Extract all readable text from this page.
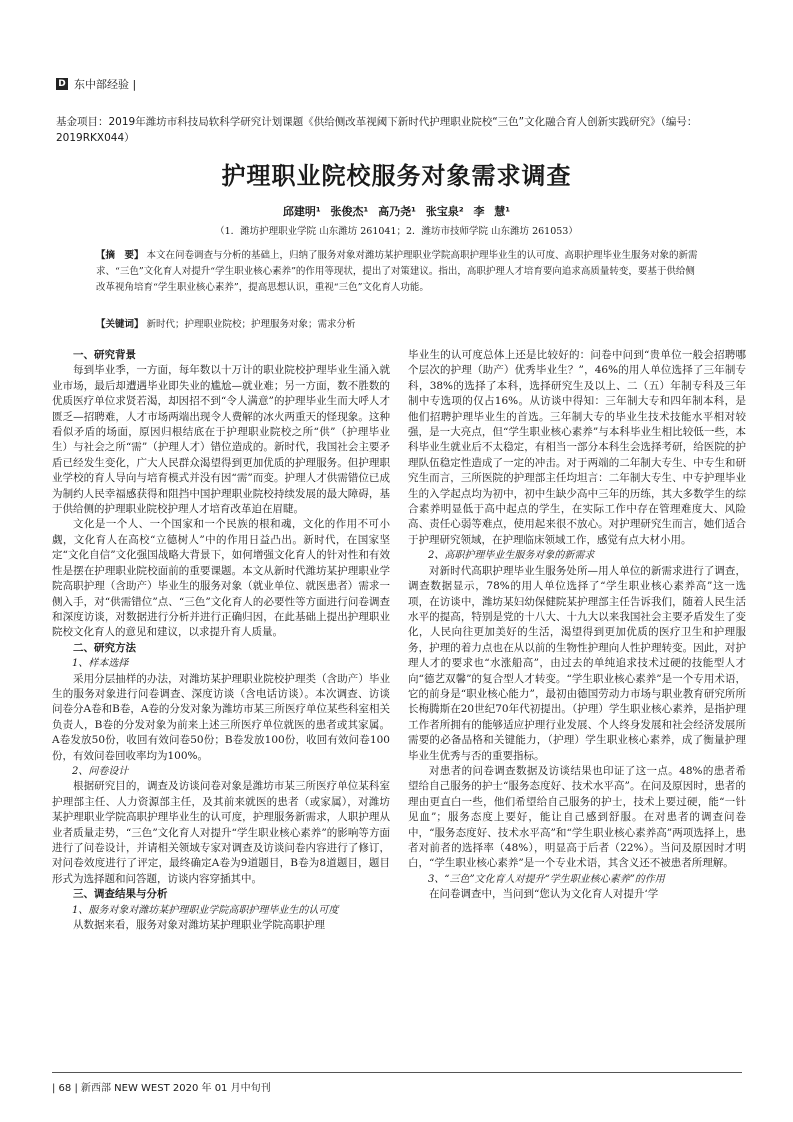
D 东中部经验 |
基金项目：2019年潍坊市科技局软科学研究计划课题《供给侧改革视阈下新时代护理职业院校“三色”文化融合育人创新实践研究》（编号：2019RKX044）
护理职业院校服务对象需求调查
邱建明¹ 张俊杰¹ 高乃尧¹ 张宝泉² 李 慧¹
（1．潍坊护理职业学院 山东潍坊 261041；2．潍坊市技师学院 山东潍坊 261053）
【摘　要】 本文在问卷调查与分析的基础上，归纳了服务对象对潍坊某护理职业学院高职护理毕业生的认可度、高职护理毕业生服务对象的新需求、“三色”文化育人对提升“学生职业核心素养”的作用等现状，提出了对策建议。指出，高职护理人才培育要向追求高质量转变，要基于供给侧改革视角培育“学生职业核心素养”，提高思想认识，重视“三色”文化育人功能。
【关键词】 新时代；护理职业院校；护理服务对象；需求分析
一、研究背景

每到毕业季，一方面，每年数以十万计的职业院校护理毕业生涌入就业市场，最后却遭遇毕业即失业的尴尬—就业难；另一方面，数不胜数的优质医疗单位求贤若渴，却因招不到“令人满意”的护理毕业生而大呼人才匮乏—招聘难，人才市场两端出现令人费解的冰火两重天的怪现象。这种看似矛盾的场面，原因归根结底在于护理职业院校之所“供”（护理毕业生）与社会之所“需”（护理人才）错位造成的。新时代，我国社会主要矛盾已经发生变化，广大人民群众渴望得到更加优质的护理服务。但护理职业学校的育人导向与培育模式并没有因“需”而变。护理人才供需错位已成为制约人民幸福感获得和阻挡中国护理职业院校持续发展的最大障碍，基于供给侧的护理职业院校护理人才培育改革迫在眉睫。

文化是一个人、一个国家和一个民族的根和魂，文化的作用不可小觑，文化育人在高校“立德树人”中的作用日益凸出。新时代，在国家坚定“文化自信”文化强国战略大背景下，如何增强文化育人的针对性和有效性是摆在护理职业院校面前的重要课题。本文从新时代潍坊某护理职业学院高职护理（含助产）毕业生的服务对象（就业单位、就医患者）需求一侧入手，对“供需错位”点、“三色”文化育人的必要性等方面进行问卷调查和深度访谈，对数据进行分析并进行正确归因，在此基础上提出护理职业院校文化育人的意见和建议，以求提升育人质量。

二、研究方法
1、样本选择

采用分层抽样的办法，对潍坊某护理职业院校护理类（含助产）毕业生的服务对象进行问卷调查、深度访谈（含电话访谈）。本次调查、访谈问卷分A卷和B卷，A卷的分发对象为潍坊市某三所医疗单位某些科室相关负责人，B卷的分发对象为前来上述三所医疗单位就医的患者或其家属。A卷发放50份，收回有效问卷50份；B卷发放100份，收回有效问卷100份，有效问卷回收率均为100%。

2、问卷设计

根据研究目的，调查及访谈问卷对象是潍坊市某三所医疗单位某科室护理部主任、人力资源部主任，及其前来就医的患者（或家属），对潍坊某护理职业学院高职护理毕业生的认可度，护理服务新需求，人职护理从业者质量走势，“三色”文化育人对提升“学生职业核心素养”的影响等方面进行了问卷设计，并请相关领域专家对调查及访谈问卷内容进行了修订，对问卷效度进行了评定，最终确定A卷为9道题目，B卷为8道题目，题目形式为选择题和问答题，访谈内容穿插其中。

三、调查结果与分析
1、服务对象对潍坊某护理职业学院高职护理毕业生的认可度

从数据来看，服务对象对潍坊某护理职业学院高职护理

毕业生的认可度总体上还是比较好的：问卷中问到“贵单位一般会招聘哪个层次的护理（助产）优秀毕业生？”，46%的用人单位选择了三年制专科，38%的选择了本科，选择研究生及以上、二（五）年制专科及三年制中专选项的仅占16%。从访谈中得知：三年制大专和四年制本科，是他们招聘护理毕业生的首选。三年制大专的毕业生技术技能水平相对较强，是一大亮点，但“学生职业核心素养”与本科毕业生相比较低一些，本科毕业生就业后不太稳定，有相当一部分本科生会选择考研，给医院的护理队伍稳定性造成了一定的冲击。对于两端的二年制大专生、中专生和研究生而言，三所医院的护理部主任均坦言：二年制大专生、中专护理毕业生的入学起点均为初中，初中生缺少高中三年的历练，其大多数学生的综合素养明显低于高中起点的学生，在实际工作中存在管理难度大、风险高、责任心弱等难点，使用起来很不放心。对护理研究生而言，她们适合于护理研究领域，在护理临床领域工作，感觉有点大材小用。

2、高职护理毕业生服务对象的新需求

对新时代高职护理毕业生服务处所—用人单位的新需求进行了调查，调查数据显示，78%的用人单位选择了“学生职业核心素养高”这一选项，在访谈中，潍坊某妇幼保健院某护理部主任告诉我们，随着人民生活水平的提高，特别是党的十八大、十九大以来我国社会主要矛盾发生了变化，人民向往更加美好的生活，渴望得到更加优质的医疗卫生和护理服务，护理的着力点也在从以前的生物性护理向人性护理转变。因此，对护理人才的要求也“水涨船高”，由过去的单纯追求技术过硬的技能型人才向“德艺双馨”的复合型人才转变。“学生职业核心素养”是一个专用术语，它的前身是“职业核心能力”，最初由德国劳动力市场与职业教育研究所所长梅腾斯在20世纪70年代初提出。（护理）学生职业核心素养，是指护理工作者所拥有的能够适应护理行业发展、个人终身发展和社会经济发展所需要的必备品格和关键能力，（护理）学生职业核心素养，成了衡量护理毕业生优秀与否的重要指标。

对患者的问卷调查数据及访谈结果也印证了这一点。48%的患者希望给自己服务的护士“服务态度好、技术水平高”。在问及原因时，患者的理由更直白一些，他们希望给自己服务的护士，技术上要过硬，能“一针见血”；服务态度上要好，能让自己感到舒服。在对患者的调查问卷中，“服务态度好、技术水平高”和“学生职业核心素养高”两项选择上，患者对前者的选择率（48%），明显高于后者（22%）。当问及原因时才明白，“学生职业核心素养”是一个专业术语，其含义还不被患者所理解。

3、“三色”文化育人对提升“学生职业核心素养”的作用

在问卷调查中，当问到“您认为文化育人对提升‘学

| 68 | 新西部 NEW WEST 2020 年 01 月中旬刊
